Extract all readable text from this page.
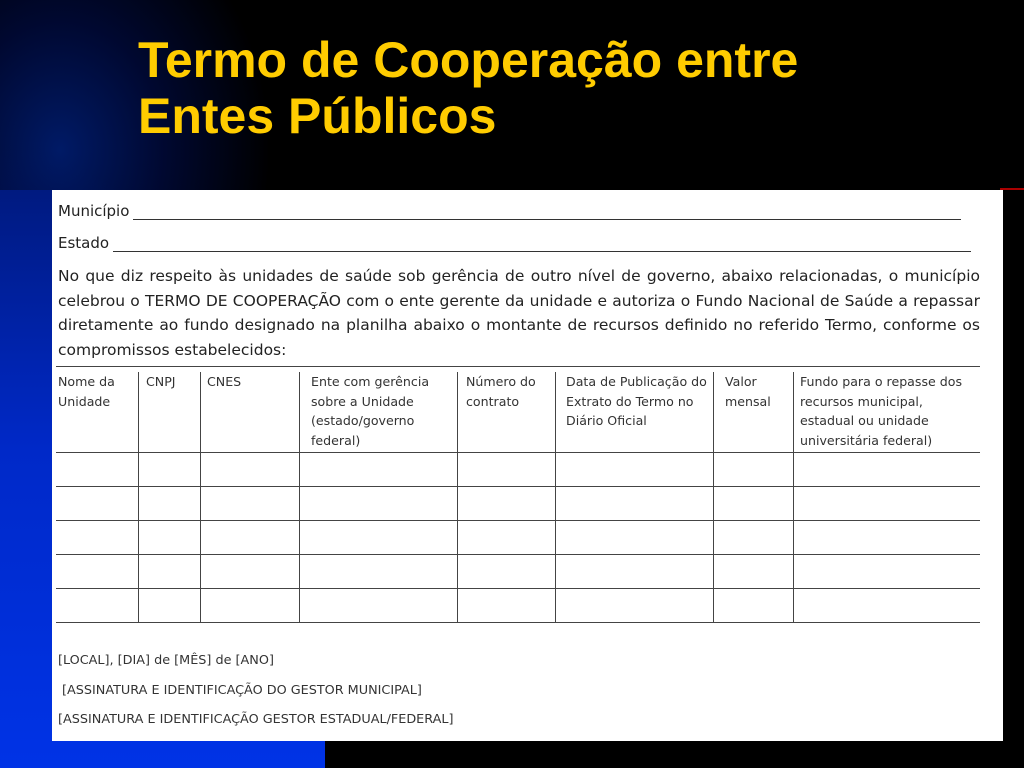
Termo de Cooperação entre
Entes Públicos
Município
Estado
No que diz respeito às unidades de saúde sob gerência de outro nível de governo, abaixo relacionadas, o município celebrou o TERMO DE COOPERAÇÃO com o ente gerente da unidade e autoriza o Fundo Nacional de Saúde a repassar diretamente ao fundo designado na planilha abaixo o montante de recursos definido no referido Termo, conforme os compromissos estabelecidos:
Nome da Unidade
CNPJ	CNES	Ente com gerência sobre a Unidade (estado/governo federal)
Número do contrato
Data de Publicação do Extrato do Termo no Diário Oficial
Valor mensal
Fundo para o repasse dos recursos municipal, estadual ou unidade universitária federal)
[LOCAL], [DIA] de [MÊS] de [ANO]
[ASSINATURA E IDENTIFICAÇÃO DO GESTOR MUNICIPAL]
[ASSINATURA E IDENTIFICAÇÃO GESTOR ESTADUAL/FEDERAL]
